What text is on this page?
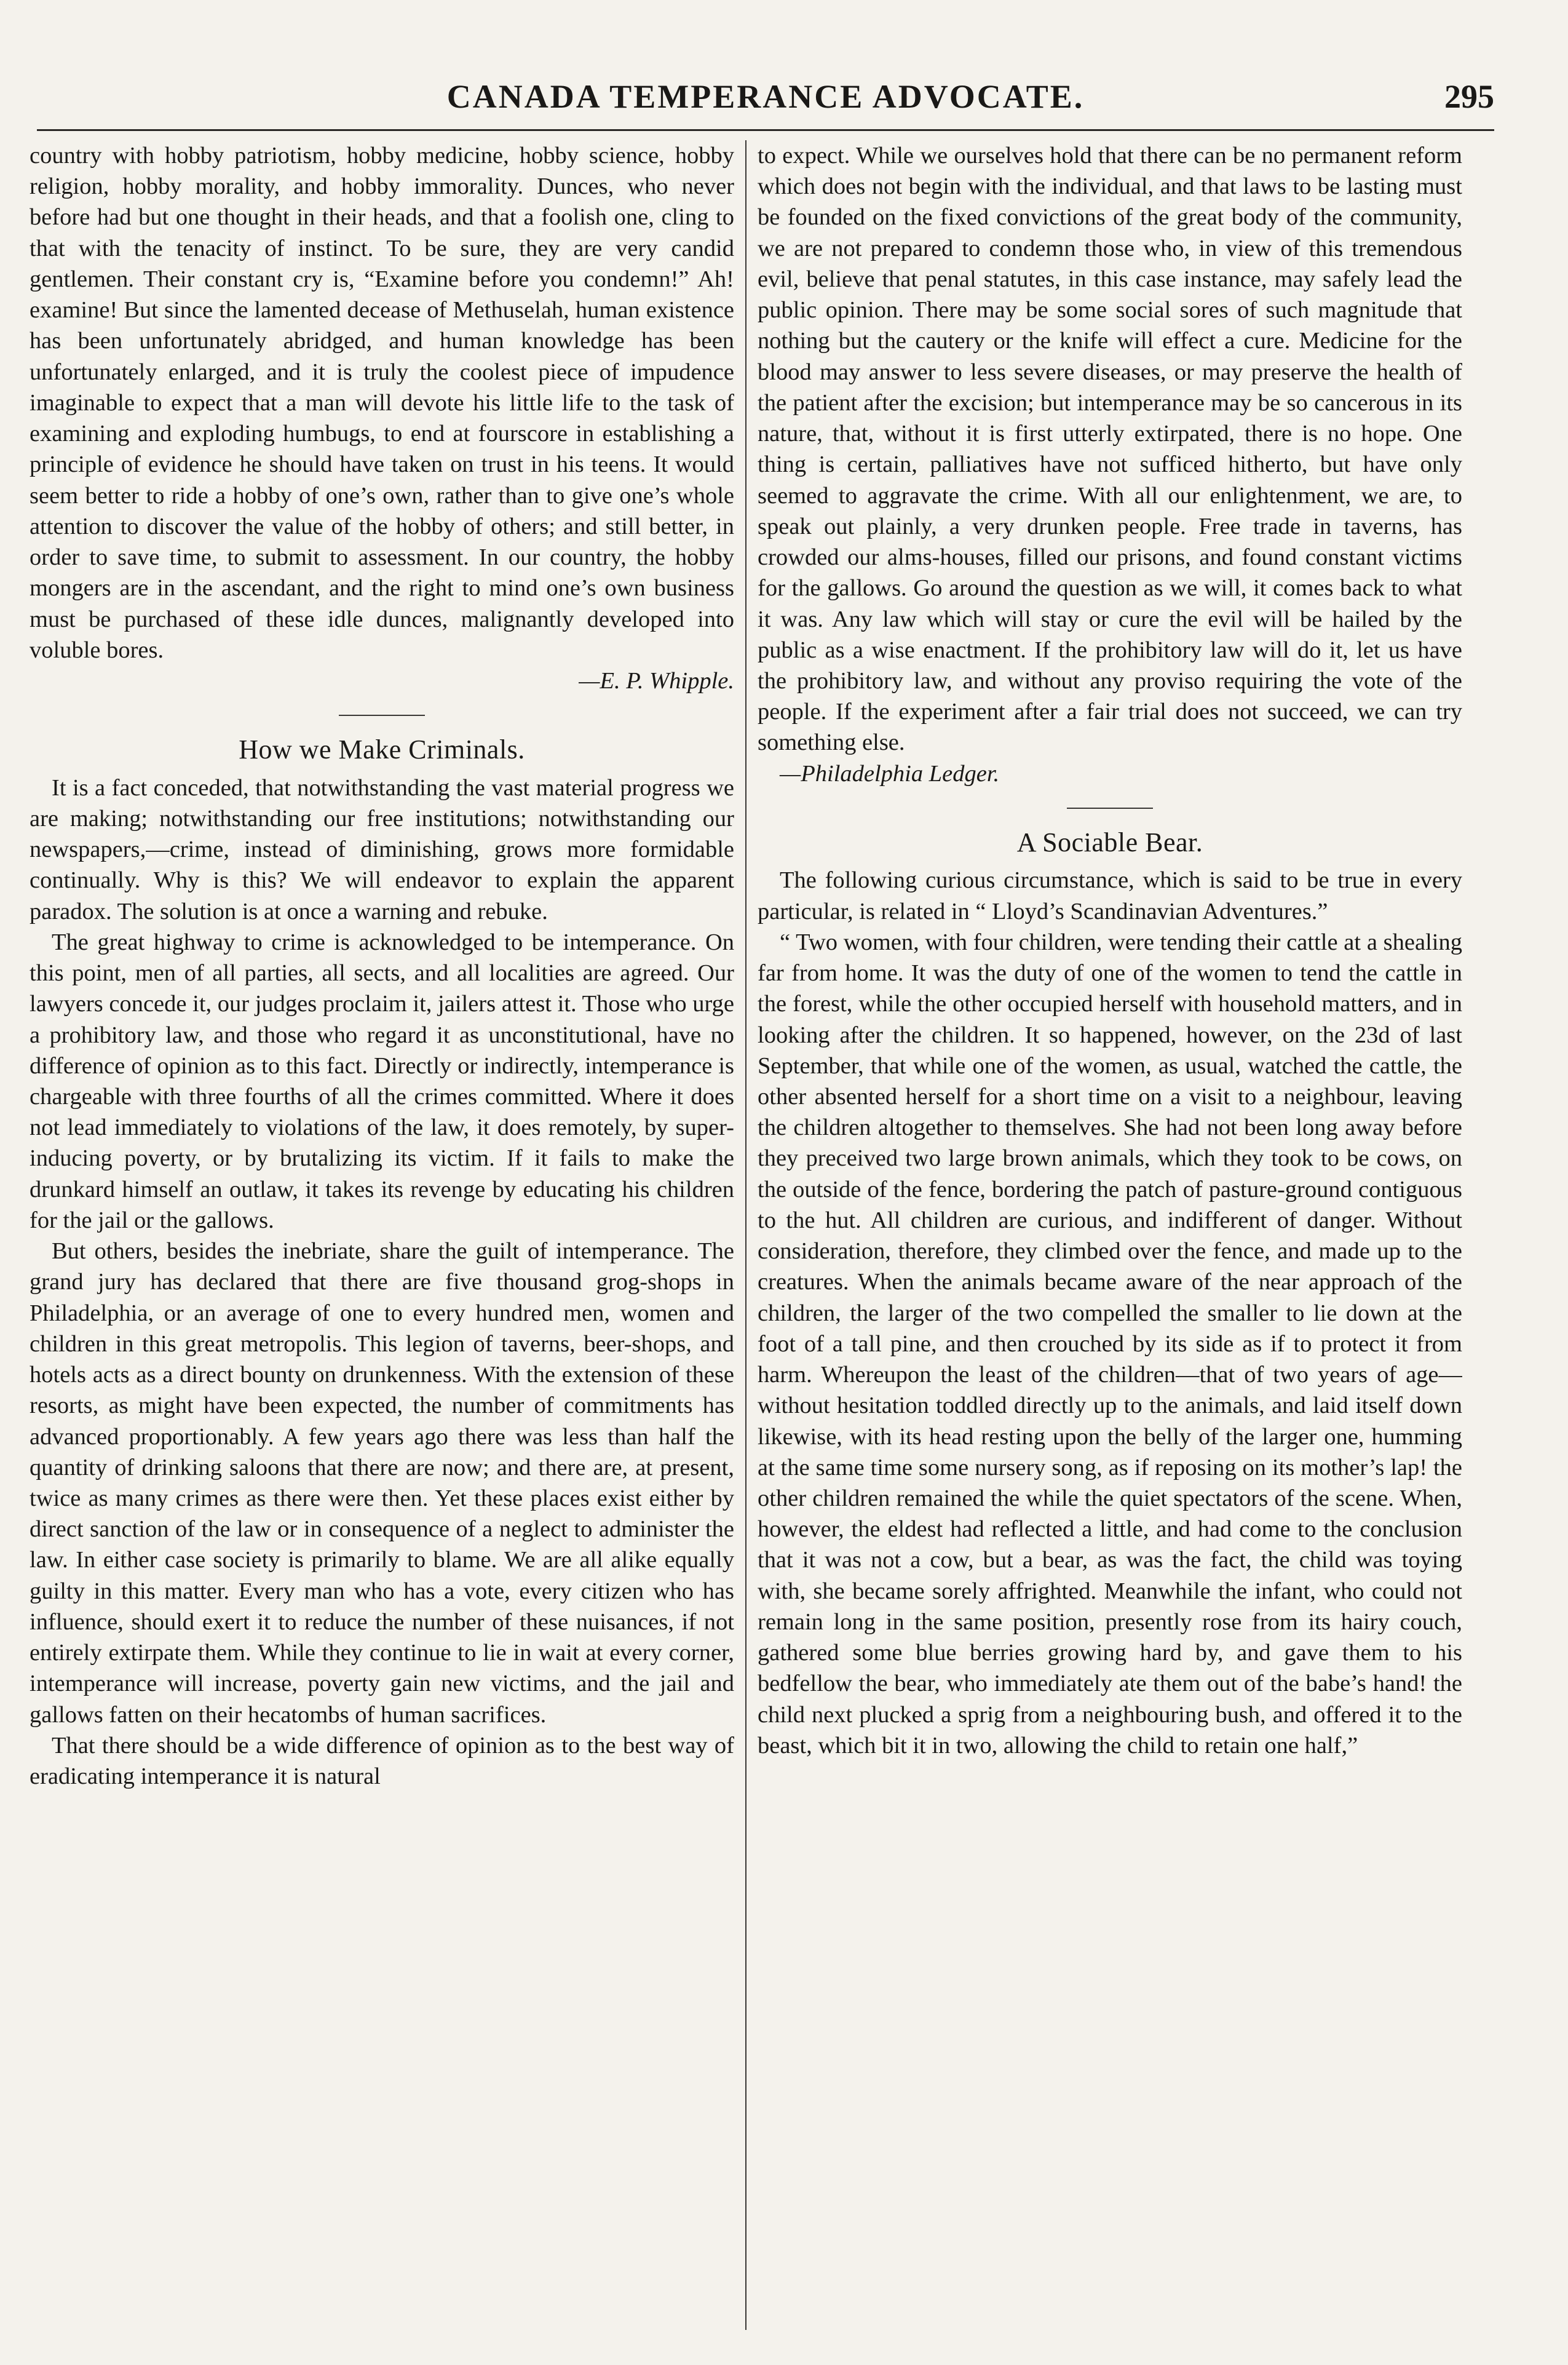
CANADA TEMPERANCE ADVOCATE.	295

country with hobby patriotism, hobby medicine, hobby science, hobby religion, hobby morality, and hobby immorality. Dunces, who never before had but one thought in their heads, and that a foolish one, cling to that with the tenacity of instinct. To be sure, they are very candid gentlemen. Their constant cry is, “Examine before you condemn!” Ah! examine! But since the lamented decease of Methuselah, human existence has been unfortunately abridged, and human knowledge has been unfortunately enlarged, and it is truly the coolest piece of impudence imaginable to expect that a man will devote his little life to the task of examining and exploding humbugs, to end at fourscore in establishing a principle of evidence he should have taken on trust in his teens. It would seem better to ride a hobby of one’s own, rather than to give one’s whole attention to discover the value of the hobby of others; and still better, in order to save time, to submit to assessment. In our country, the hobby mongers are in the ascendant, and the right to mind one’s own business must be purchased of these idle dunces, malignantly developed into voluble bores.

—E. P. Whipple.

How we Make Criminals.

It is a fact conceded, that notwithstanding the vast material progress we are making; notwithstanding our free institutions; notwithstanding our newspapers,—crime, instead of diminishing, grows more formidable continually. Why is this? We will endeavor to explain the apparent paradox. The solution is at once a warning and rebuke.

The great highway to crime is acknowledged to be intemperance. On this point, men of all parties, all sects, and all localities are agreed. Our lawyers concede it, our judges proclaim it, jailers attest it. Those who urge a prohibitory law, and those who regard it as unconstitutional, have no difference of opinion as to this fact. Directly or indirectly, intemperance is chargeable with three fourths of all the crimes committed. Where it does not lead immediately to violations of the law, it does remotely, by super-inducing poverty, or by brutalizing its victim. If it fails to make the drunkard himself an outlaw, it takes its revenge by educating his children for the jail or the gallows.

But others, besides the inebriate, share the guilt of intemperance. The grand jury has declared that there are five thousand grog-shops in Philadelphia, or an average of one to every hundred men, women and children in this great metropolis. This legion of taverns, beer-shops, and hotels acts as a direct bounty on drunkenness. With the extension of these resorts, as might have been expected, the number of commitments has advanced proportionably. A few years ago there was less than half the quantity of drinking saloons that there are now; and there are, at present, twice as many crimes as there were then. Yet these places exist either by direct sanction of the law or in consequence of a neglect to administer the law. In either case society is primarily to blame. We are all alike equally guilty in this matter. Every man who has a vote, every citizen who has influence, should exert it to reduce the number of these nuisances, if not entirely extirpate them. While they continue to lie in wait at every corner, intemperance will increase, poverty gain new victims, and the jail and gallows fatten on their hecatombs of human sacrifices.

That there should be a wide difference of opinion as to the best way of eradicating intemperance it is natural

to expect. While we ourselves hold that there can be no permanent reform which does not begin with the individual, and that laws to be lasting must be founded on the fixed convictions of the great body of the community, we are not prepared to condemn those who, in view of this tremendous evil, believe that penal statutes, in this case instance, may safely lead the public opinion. There may be some social sores of such magnitude that nothing but the cautery or the knife will effect a cure. Medicine for the blood may answer to less severe diseases, or may preserve the health of the patient after the excision; but intemperance may be so cancerous in its nature, that, without it is first utterly extirpated, there is no hope. One thing is certain, palliatives have not sufficed hitherto, but have only seemed to aggravate the crime. With all our enlightenment, we are, to speak out plainly, a very drunken people. Free trade in taverns, has crowded our alms-houses, filled our prisons, and found constant victims for the gallows. Go around the question as we will, it comes back to what it was. Any law which will stay or cure the evil will be hailed by the public as a wise enactment. If the prohibitory law will do it, let us have the prohibitory law, and without any proviso requiring the vote of the people. If the experiment after a fair trial does not succeed, we can try something else.

—Philadelphia Ledger.

A Sociable Bear.

The following curious circumstance, which is said to be true in every particular, is related in “ Lloyd’s Scandinavian Adventures.”

“ Two women, with four children, were tending their cattle at a shealing far from home. It was the duty of one of the women to tend the cattle in the forest, while the other occupied herself with household matters, and in looking after the children. It so happened, however, on the 23d of last September, that while one of the women, as usual, watched the cattle, the other absented herself for a short time on a visit to a neighbour, leaving the children altogether to themselves. She had not been long away before they preceived two large brown animals, which they took to be cows, on the outside of the fence, bordering the patch of pasture-ground contiguous to the hut. All children are curious, and indifferent of danger. Without consideration, therefore, they climbed over the fence, and made up to the creatures. When the animals became aware of the near approach of the children, the larger of the two compelled the smaller to lie down at the foot of a tall pine, and then crouched by its side as if to protect it from harm. Whereupon the least of the children—that of two years of age—without hesitation toddled directly up to the animals, and laid itself down likewise, with its head resting upon the belly of the larger one, humming at the same time some nursery song, as if reposing on its mother’s lap! the other children remained the while the quiet spectators of the scene. When, however, the eldest had reflected a little, and had come to the conclusion that it was not a cow, but a bear, as was the fact, the child was toying with, she became sorely affrighted. Meanwhile the infant, who could not remain long in the same position, presently rose from its hairy couch, gathered some blue berries growing hard by, and gave them to his bedfellow the bear, who immediately ate them out of the babe’s hand! the child next plucked a sprig from a neighbouring bush, and offered it to the beast, which bit it in two, allowing the child to retain one half,”
